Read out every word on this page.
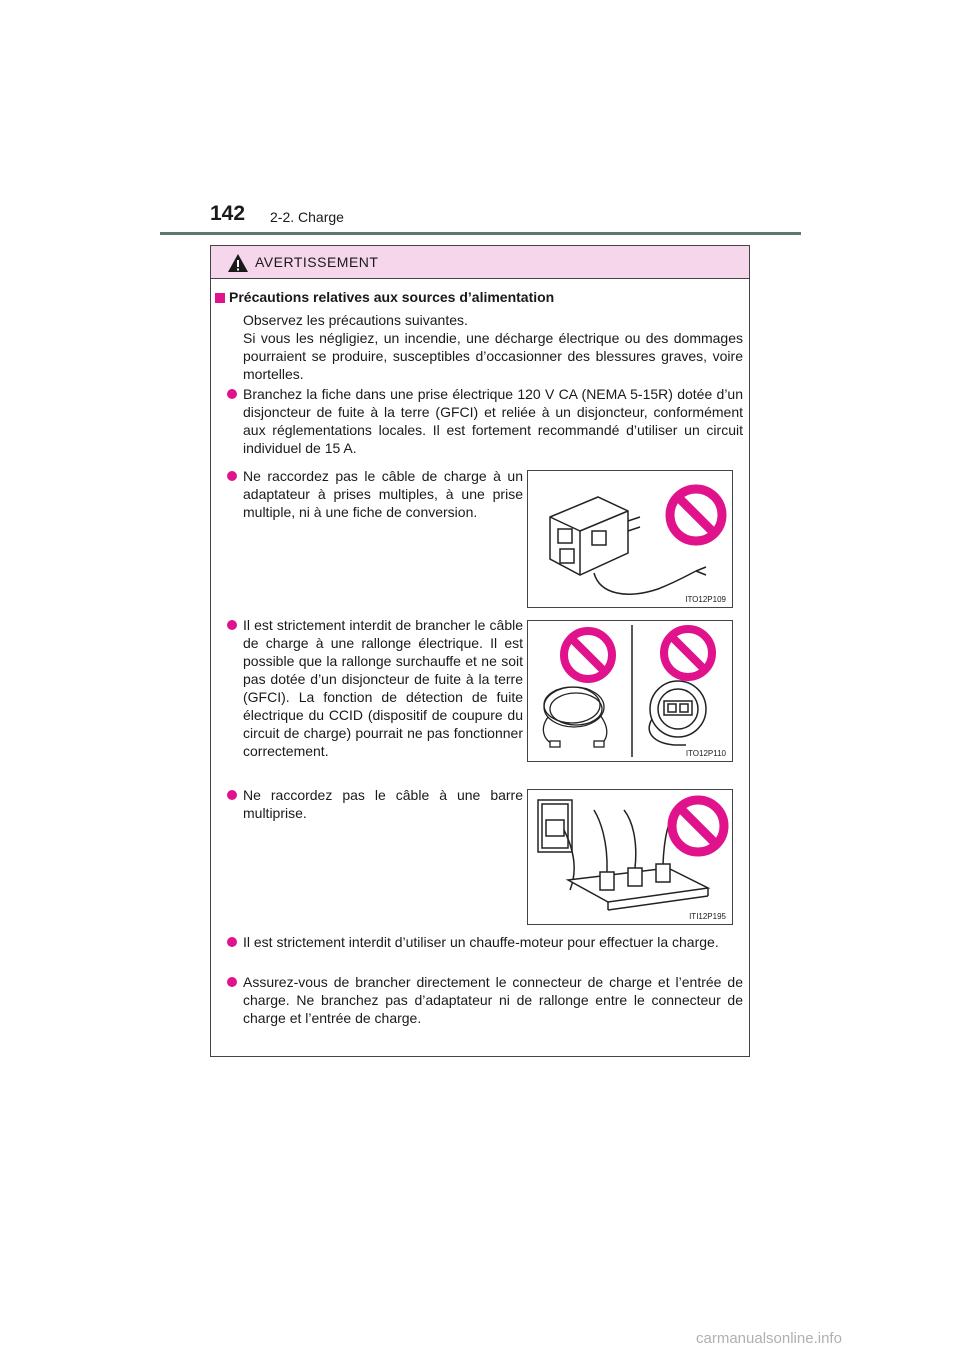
142 2-2. Charge
AVERTISSEMENT
Précautions relatives aux sources d’alimentation
Observez les précautions suivantes.
Si vous les négligiez, un incendie, une décharge électrique ou des dommages pourraient se produire, susceptibles d’occasionner des blessures graves, voire mortelles.
Branchez la fiche dans une prise électrique 120 V CA (NEMA 5-15R) dotée d’un disjoncteur de fuite à la terre (GFCI) et reliée à un disjoncteur, conformément aux réglementations locales. Il est fortement recommandé d’utiliser un circuit individuel de 15 A.
Ne raccordez pas le câble de charge à un adaptateur à prises multiples, à une prise multiple, ni à une fiche de conversion.
Il est strictement interdit de brancher le câble de charge à une rallonge électrique. Il est possible que la rallonge surchauffe et ne soit pas dotée d’un disjoncteur de fuite à la terre (GFCI). La fonction de détection de fuite électrique du CCID (dispositif de coupure du circuit de charge) pourrait ne pas fonctionner correctement.
Ne raccordez pas le câble à une barre multiprise.
Il est strictement interdit d’utiliser un chauffe-moteur pour effectuer la charge.
Assurez-vous de brancher directement le connecteur de charge et l’entrée de charge. Ne branchez pas d’adaptateur ni de rallonge entre le connecteur de charge et l’entrée de charge.
ITO12P109
ITO12P110
ITI12P195
carmanualsonline.info
